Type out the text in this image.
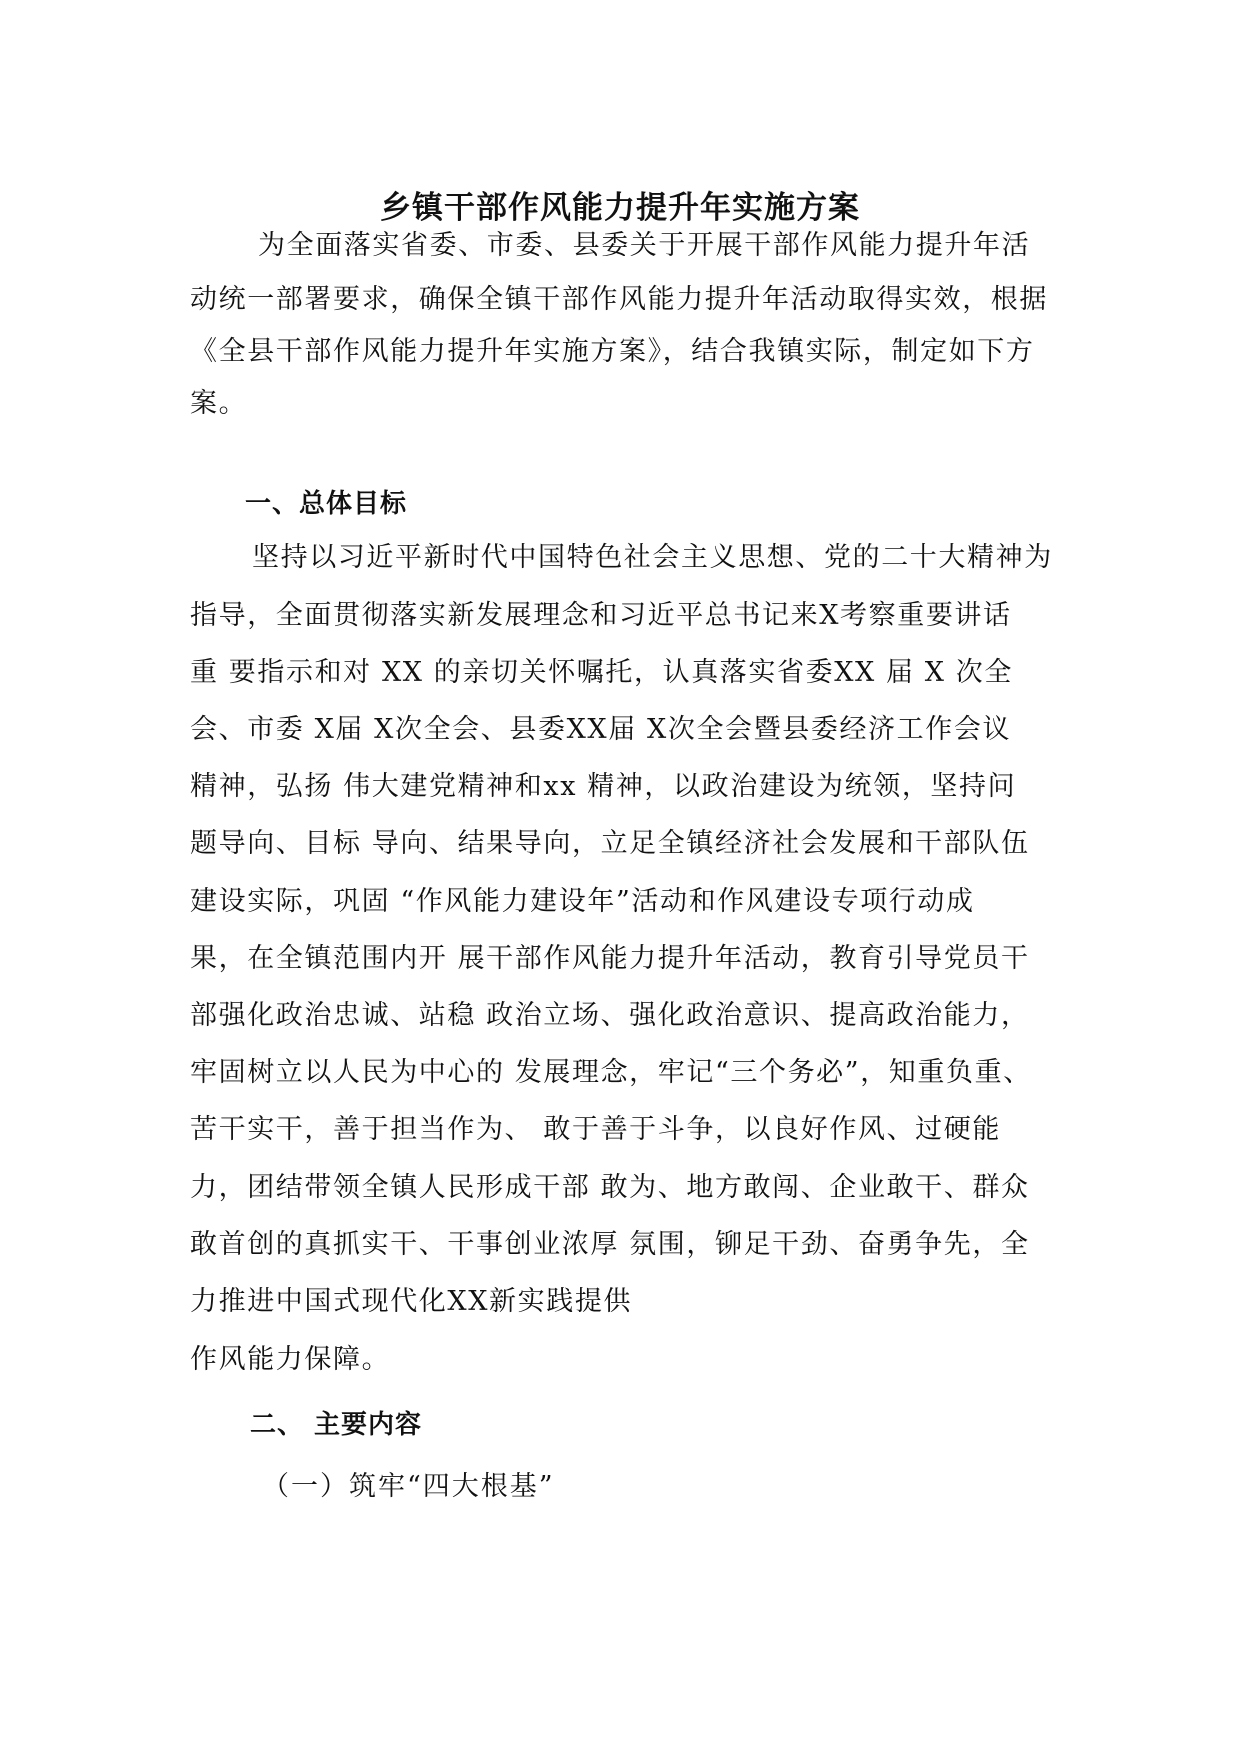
乡镇干部作风能力提升年实施方案
为全面落实省委、市委、县委关于开展干部作风能力提升年活
动统一部署要求，确保全镇干部作风能力提升年活动取得实效，根据
《全县干部作风能力提升年实施方案》，结合我镇实际，制定如下方
案。
一、总体目标
坚持以习近平新时代中国特色社会主义思想、党的二十大精神为
指导，全面贯彻落实新发展理念和习近平总书记来X考察重要讲话
重 要指示和对 XX 的亲切关怀嘱托，认真落实省委XX 届 X 次全
会、市委 X届 X次全会、县委XX届 X次全会暨县委经济工作会议
精神，弘扬 伟大建党精神和xx 精神，以政治建设为统领，坚持问
题导向、目标 导向、结果导向，立足全镇经济社会发展和干部队伍
建设实际，巩固 “作风能力建设年”活动和作风建设专项行动成
果，在全镇范围内开 展干部作风能力提升年活动，教育引导党员干
部强化政治忠诚、站稳 政治立场、强化政治意识、提高政治能力，
牢固树立以人民为中心的 发展理念，牢记“三个务必”，知重负重、
苦干实干，善于担当作为、 敢于善于斗争，以良好作风、过硬能
力，团结带领全镇人民形成干部 敢为、地方敢闯、企业敢干、群众
敢首创的真抓实干、干事创业浓厚 氛围，铆足干劲、奋勇争先，全
力推进中国式现代化XX新实践提供
作风能力保障。
二、 主要内容
（一）筑牢“四大根基”
